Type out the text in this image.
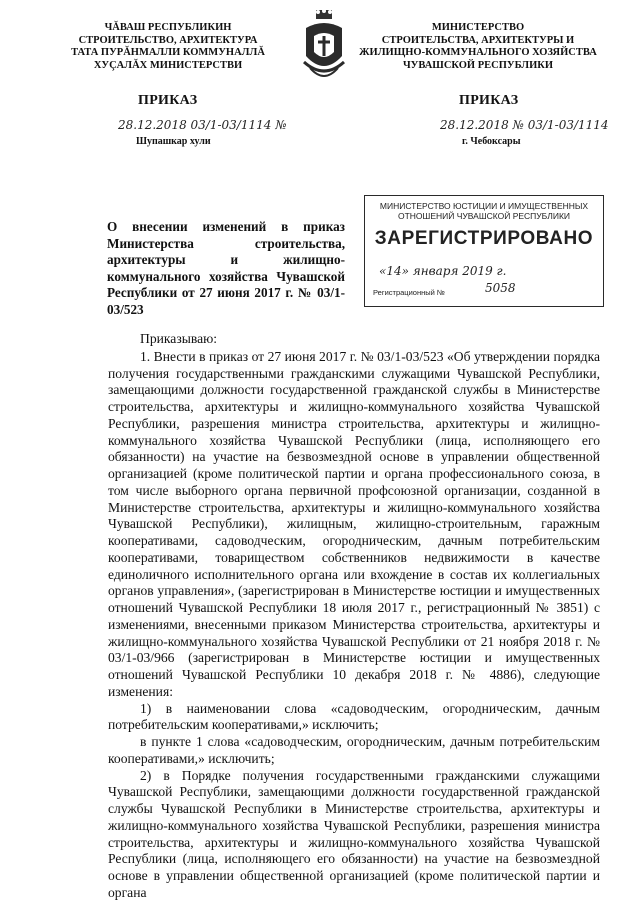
ЧĂВАШ РЕСПУБЛИКИН
СТРОИТЕЛЬСТВО, АРХИТЕКТУРА
ТАТА ПУРĂНМАЛЛИ КОММУНАЛЛĂ
ХУÇАЛĂХ МИНИСТЕРСТВИ
МИНИСТЕРСТВО
СТРОИТЕЛЬСТВА, АРХИТЕКТУРЫ И
ЖИЛИЩНО-КОММУНАЛЬНОГО ХОЗЯЙСТВА
ЧУВАШСКОЙ РЕСПУБЛИКИ
ПРИКАЗ	ПРИКАЗ
28.12.2018 03/1-03/1114 №	28.12.2018 № 03/1-03/1114
Шупашкар хули	г. Чебоксары
О внесении изменений в приказ Министерства строительства, архитектуры и жилищно-коммунального хозяйства Чувашской Республики от 27 июня 2017 г. № 03/1-03/523
МИНИСТЕРСТВО ЮСТИЦИИ И ИМУЩЕСТВЕННЫХ ОТНОШЕНИЙ ЧУВАШСКОЙ РЕСПУБЛИКИ
ЗАРЕГИСТРИРОВАНО
«14» января 2019 г.
Регистрационный №	5058

Приказываю:

1. Внести в приказ от 27 июня 2017 г. № 03/1-03/523 «Об утверждении порядка получения государственными гражданскими служащими Чувашской Республики, замещающими должности государственной гражданской службы в Министерстве строительства, архитектуры и жилищно-коммунального хозяйства Чувашской Республики, разрешения министра строительства, архитектуры и жилищно-коммунального хозяйства Чувашской Республики (лица, исполняющего его обязанности) на участие на безвозмездной основе в управлении общественной организацией (кроме политической партии и органа профессионального союза, в том числе выборного органа первичной профсоюзной организации, созданной в Министерстве строительства, архитектуры и жилищно-коммунального хозяйства Чувашской Республики), жилищным, жилищно-строительным, гаражным кооперативами, садоводческим, огородническим, дачным потребительским кооперативами, товариществом собственников недвижимости в качестве единоличного исполнительного органа или вхождение в состав их коллегиальных органов управления», (зарегистрирован в Министерстве юстиции и имущественных отношений Чувашской Республики 18 июля 2017 г., регистрационный № 3851) с изменениями, внесенными приказом Министерства строительства, архитектуры и жилищно-коммунального хозяйства Чувашской Республики от 21 ноября 2018 г. № 03/1-03/966 (зарегистрирован в Министерстве юстиции и имущественных отношений Чувашской Республики 10 декабря 2018 г. № 4886), следующие изменения:

1) в наименовании слова «садоводческим, огородническим, дачным потребительским кооперативами,» исключить;

в пункте 1 слова «садоводческим, огородническим, дачным потребительским кооперативами,» исключить;

2) в Порядке получения государственными гражданскими служащими Чувашской Республики, замещающими должности государственной гражданской службы Чувашской Республики в Министерстве строительства, архитектуры и жилищно-коммунального хозяйства Чувашской Республики, разрешения министра строительства, архитектуры и жилищно-коммунального хозяйства Чувашской Республики (лица, исполняющего его обязанности) на участие на безвозмездной основе в управлении общественной организацией (кроме политической партии и органа
